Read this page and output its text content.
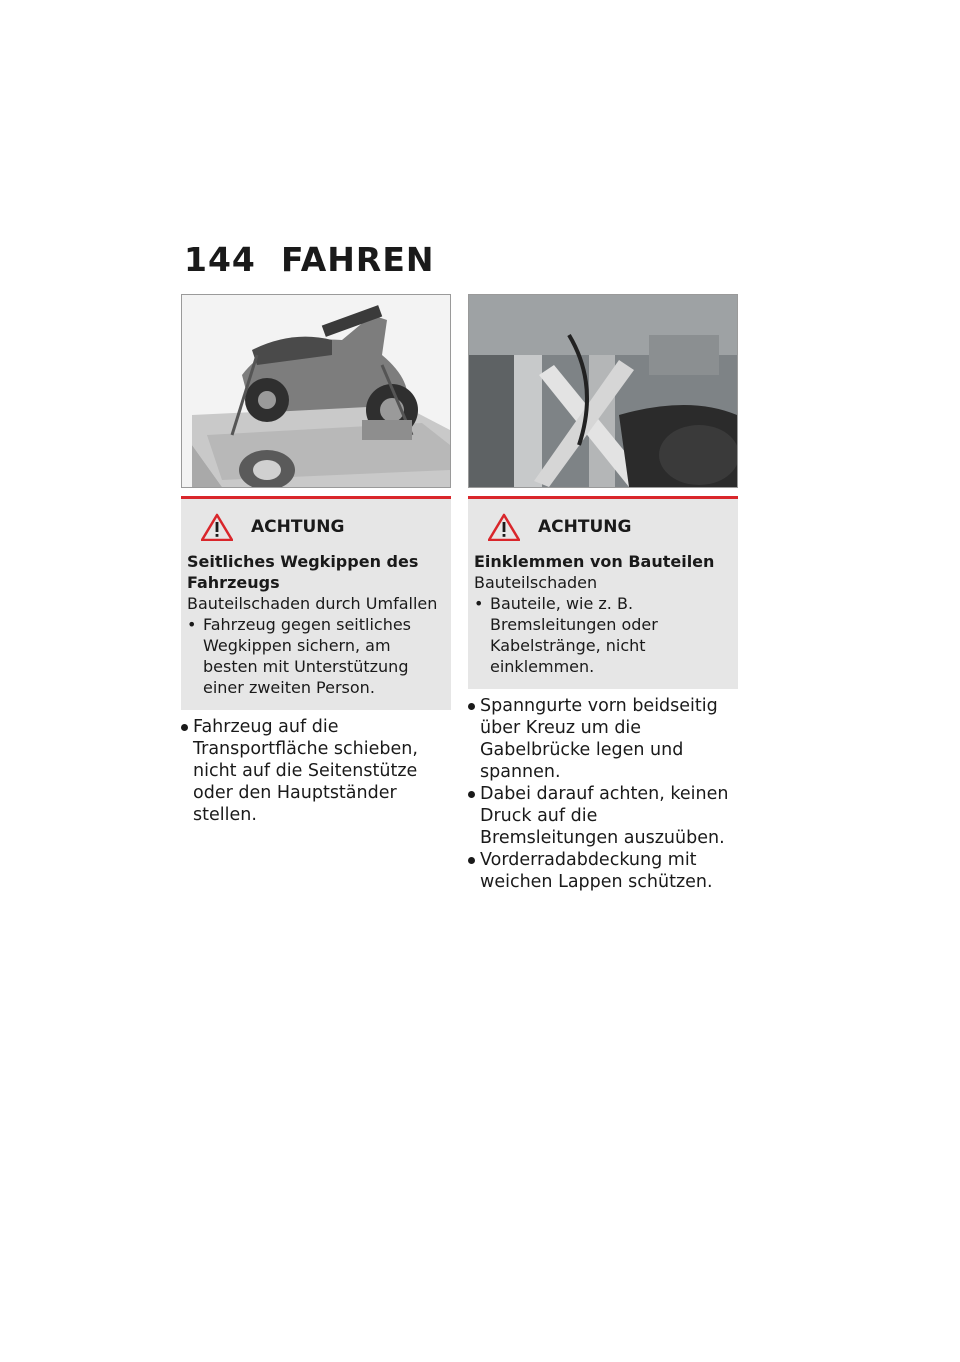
144 FAHREN
ACHTUNG
Seitliches Wegkippen des Fahrzeugs
Bauteilschaden durch Umfallen
• Fahrzeug gegen seitliches Wegkippen sichern, am besten mit Unterstützung einer zweiten Person.
Fahrzeug auf die Transportfläche schieben, nicht auf die Seitenstütze oder den Hauptständer stellen.
ACHTUNG
Einklemmen von Bauteilen
Bauteilschaden
• Bauteile, wie z. B. Bremsleitungen oder Kabelstränge, nicht einklemmen.
Spanngurte vorn beidseitig über Kreuz um die Gabelbrücke legen und spannen.
Dabei darauf achten, keinen Druck auf die Bremsleitungen auszuüben.
Vorderradabdeckung mit weichen Lappen schützen.
